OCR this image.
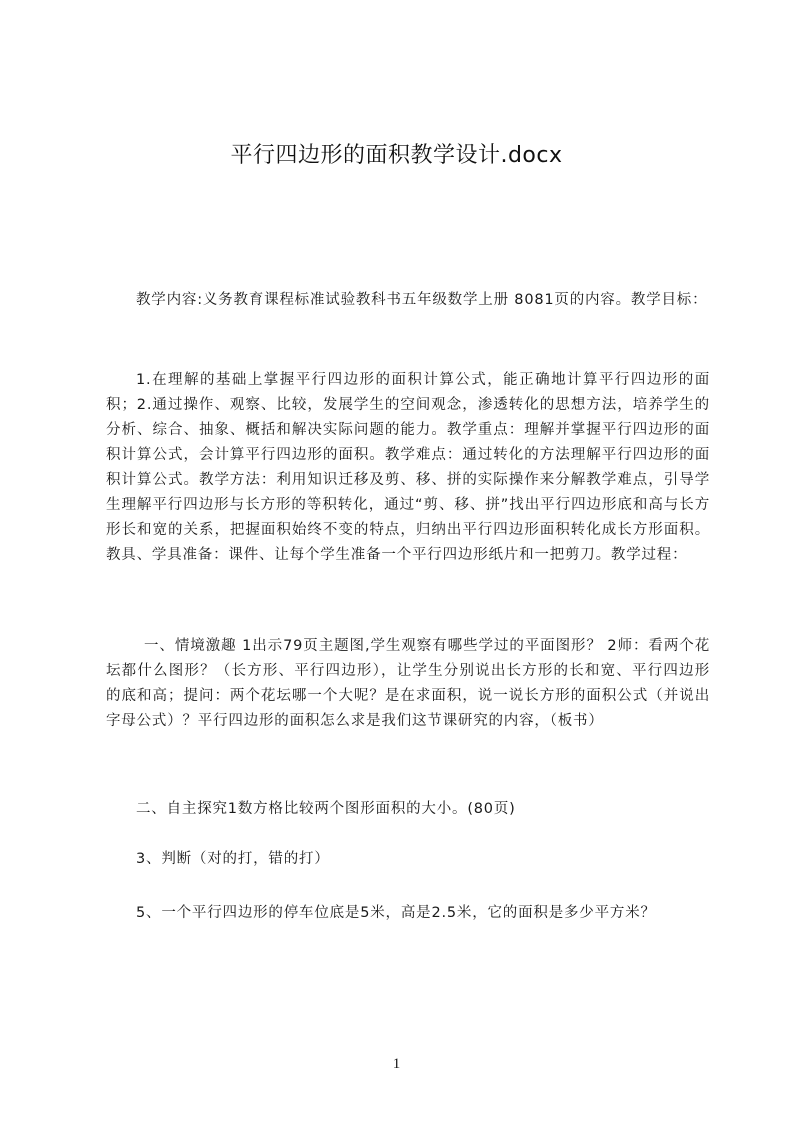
平行四边形的面积教学设计.docx

教学内容:义务教育课程标准试验教科书五年级数学上册 8081页的内容。教学目标：

1.在理解的基础上掌握平行四边形的面积计算公式，能正确地计算平行四边形的面积；2.通过操作、观察、比较，发展学生的空间观念，渗透转化的思想方法，培养学生的分析、综合、抽象、概括和解决实际问题的能力。教学重点：理解并掌握平行四边形的面积计算公式，会计算平行四边形的面积。教学难点：通过转化的方法理解平行四边形的面积计算公式。教学方法：利用知识迁移及剪、移、拼的实际操作来分解教学难点，引导学生理解平行四边形与长方形的等积转化，通过“剪、移、拼”找出平行四边形底和高与长方形长和宽的关系，把握面积始终不变的特点，归纳出平行四边形面积转化成长方形面积。教具、学具准备：课件、让每个学生准备一个平行四边形纸片和一把剪刀。教学过程：

一、情境激趣 1出示79页主题图,学生观察有哪些学过的平面图形？ 2师：看两个花坛都什么图形？（长方形、平行四边形），让学生分别说出长方形的长和宽、平行四边形的底和高；提问：两个花坛哪一个大呢？是在求面积，说一说长方形的面积公式（并说出字母公式）？平行四边形的面积怎么求是我们这节课研究的内容，（板书）

二、自主探究1数方格比较两个图形面积的大小。(80页)

3、判断（对的打，错的打）

5、一个平行四边形的停车位底是5米，高是2.5米，它的面积是多少平方米？

1
